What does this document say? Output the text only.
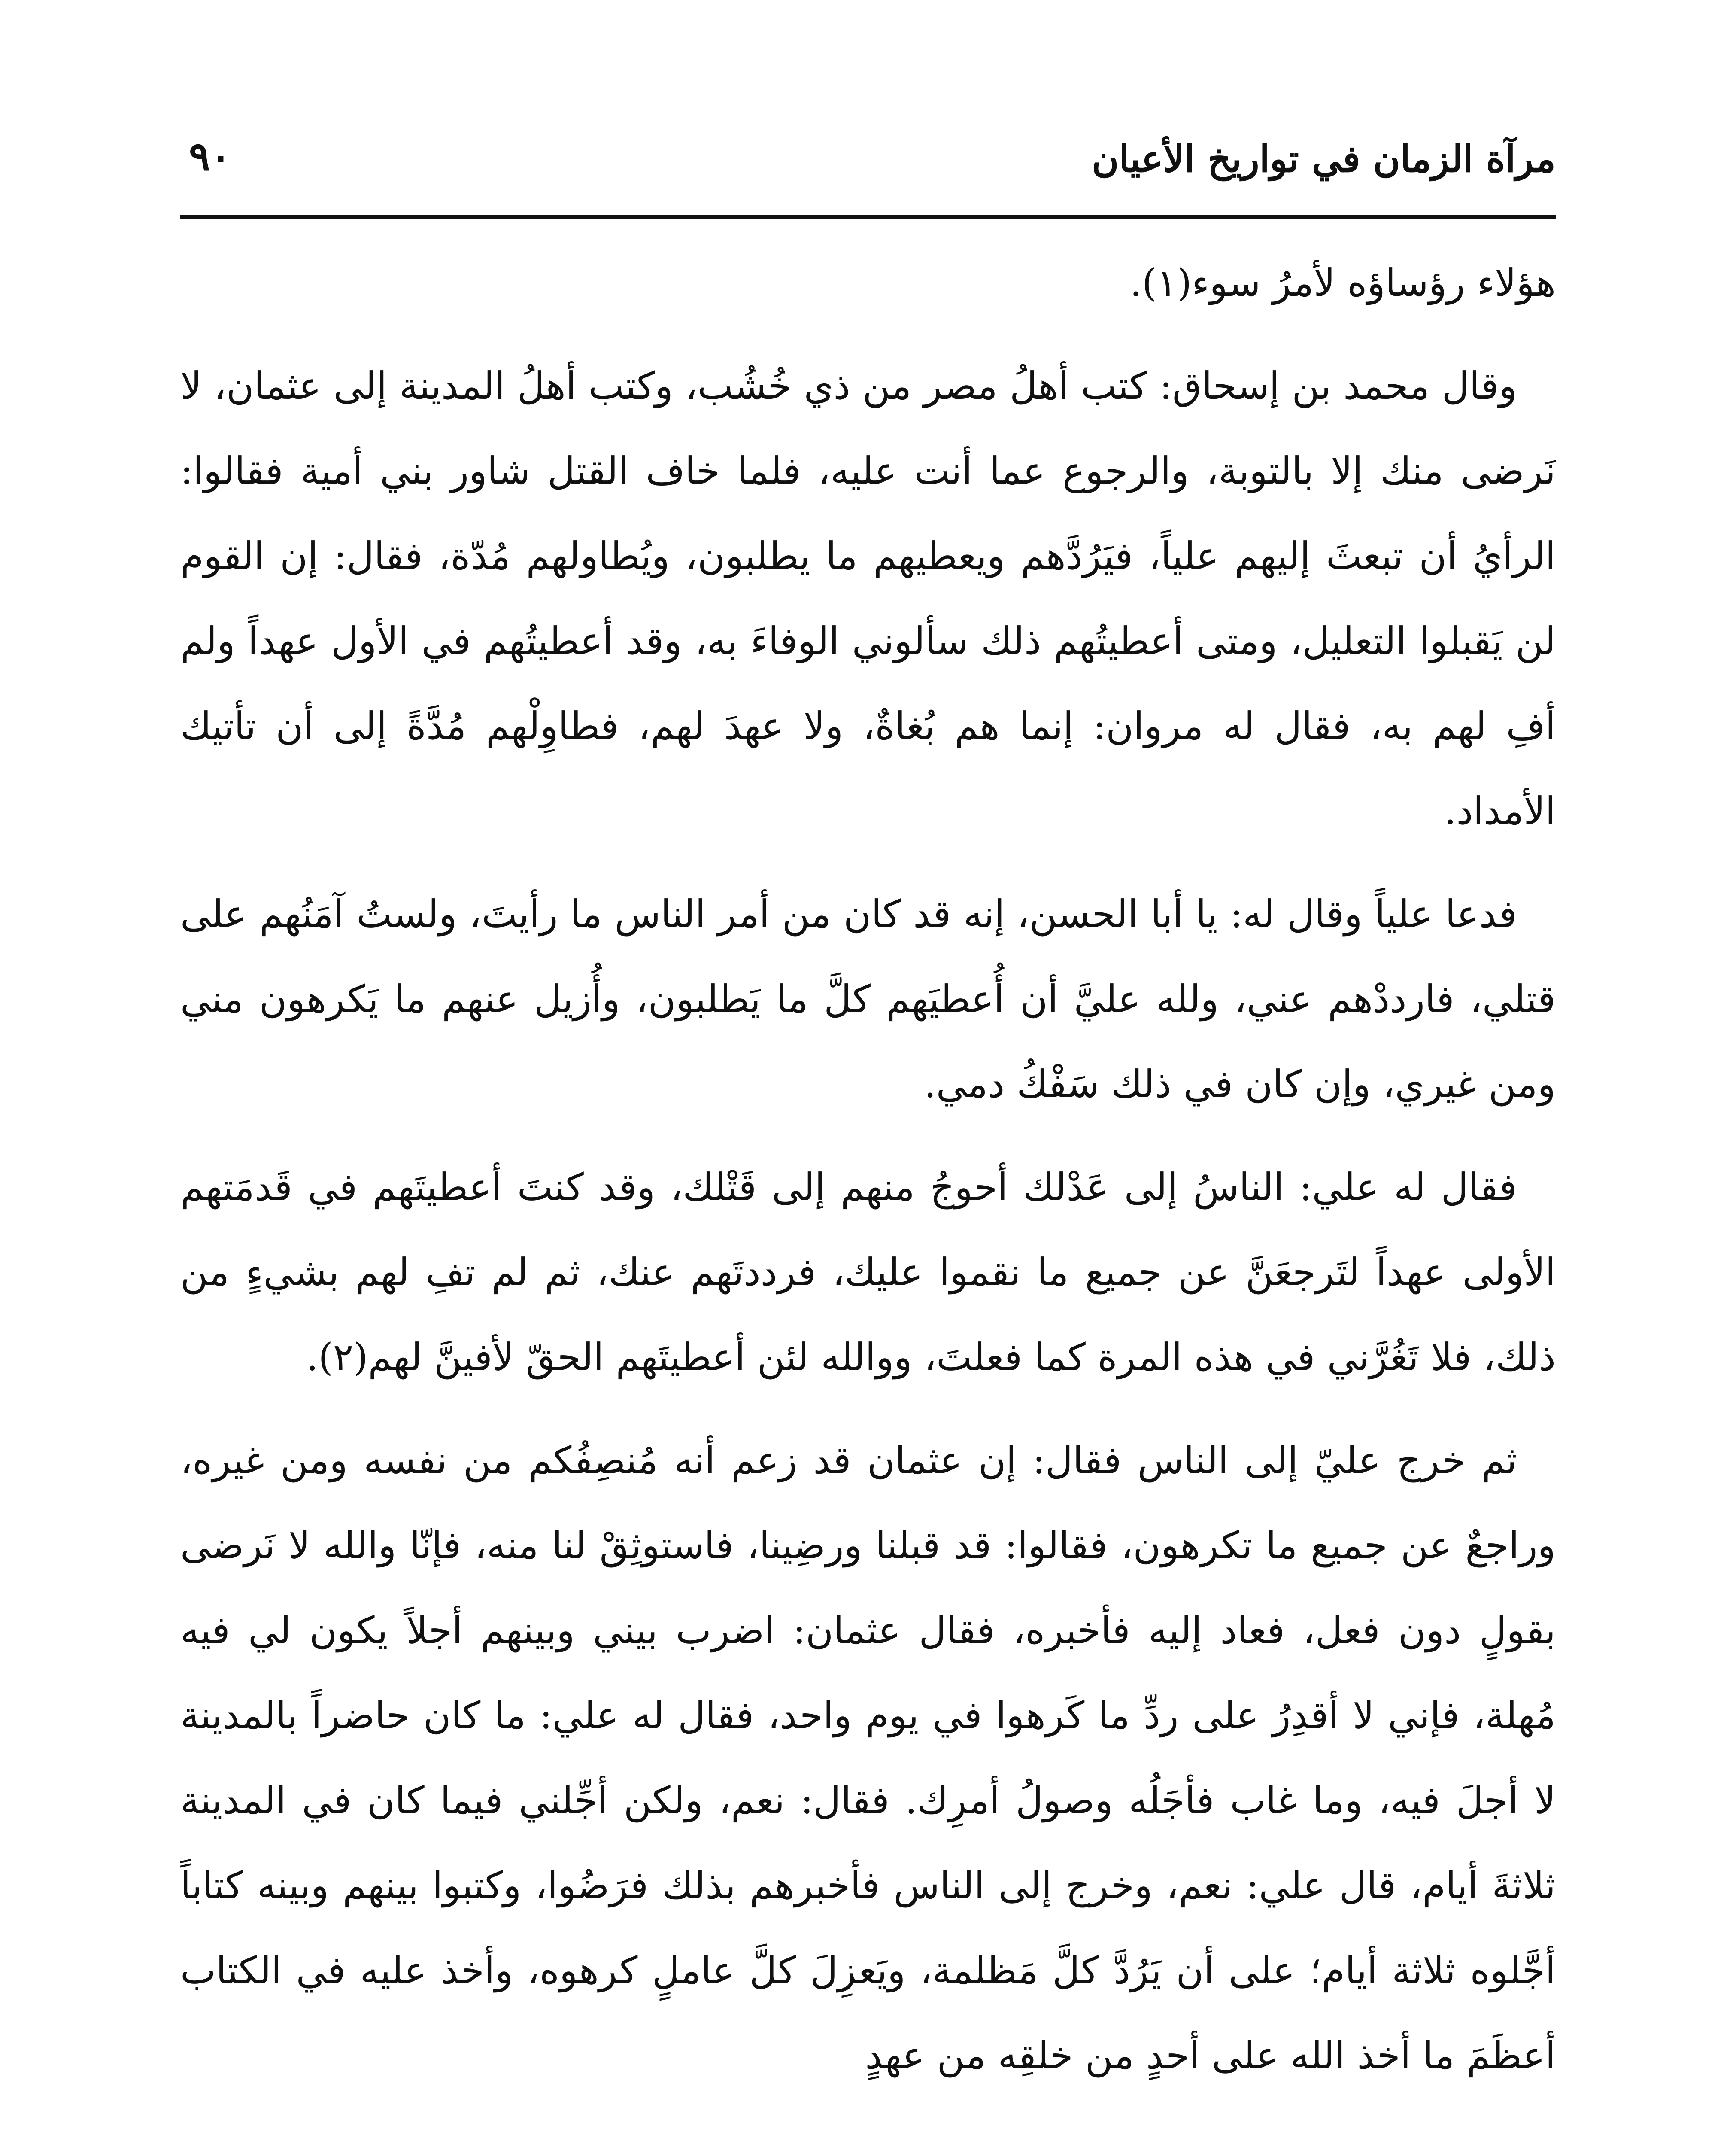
مرآة الزمان في تواريخ الأعيان
٩٠

هؤلاء رؤساؤه لأمرُ سوء(١).

وقال محمد بن إسحاق: كتب أهلُ مصر من ذي خُشُب، وكتب أهلُ المدينة إلى عثمان، لا نَرضى منك إلا بالتوبة، والرجوع عما أنت عليه، فلما خاف القتل شاور بني أمية فقالوا: الرأيُ أن تبعثَ إليهم علياً، فيَرُدَّهم ويعطيهم ما يطلبون، ويُطاولهم مُدّة، فقال: إن القوم لن يَقبلوا التعليل، ومتى أعطيتُهم ذلك سألوني الوفاءَ به، وقد أعطيتُهم في الأول عهداً ولم أفِ لهم به، فقال له مروان: إنما هم بُغاةٌ، ولا عهدَ لهم، فطاوِلْهم مُدَّةً إلى أن تأتيك الأمداد.

فدعا علياً وقال له: يا أبا الحسن، إنه قد كان من أمر الناس ما رأيتَ، ولستُ آمَنُهم على قتلي، فارددْهم عني، ولله عليَّ أن أُعطيَهم كلَّ ما يَطلبون، وأُزيل عنهم ما يَكرهون مني ومن غيري، وإن كان في ذلك سَفْكُ دمي.

فقال له علي: الناسُ إلى عَدْلك أحوجُ منهم إلى قَتْلك، وقد كنتَ أعطيتَهم في قَدمَتهم الأولى عهداً لتَرجعَنَّ عن جميع ما نقموا عليك، فرددتَهم عنك، ثم لم تفِ لهم بشيءٍ من ذلك، فلا تَغُرَّني في هذه المرة كما فعلتَ، ووالله لئن أعطيتَهم الحقّ لأفينَّ لهم(٢).

ثم خرج عليّ إلى الناس فقال: إن عثمان قد زعم أنه مُنصِفُكم من نفسه ومن غيره، وراجعٌ عن جميع ما تكرهون، فقالوا: قد قبلنا ورضِينا، فاستوثِقْ لنا منه، فإنّا والله لا نَرضى بقولٍ دون فعل، فعاد إليه فأخبره، فقال عثمان: اضرب بيني وبينهم أجلاً يكون لي فيه مُهلة، فإني لا أقدِرُ على ردِّ ما كَرهوا في يوم واحد، فقال له علي: ما كان حاضراً بالمدينة لا أجلَ فيه، وما غاب فأجَلُه وصولُ أمرِك. فقال: نعم، ولكن أجِّلني فيما كان في المدينة ثلاثةَ أيام، قال علي: نعم، وخرج إلى الناس فأخبرهم بذلك فرَضُوا، وكتبوا بينهم وبينه كتاباً أجَّلوه ثلاثة أيام؛ على أن يَرُدَّ كلَّ مَظلمة، ويَعزِلَ كلَّ عاملٍ كرهوه، وأخذ عليه في الكتاب أعظَمَ ما أخذ الله على أحدٍ من خلقِه من عهدٍ
